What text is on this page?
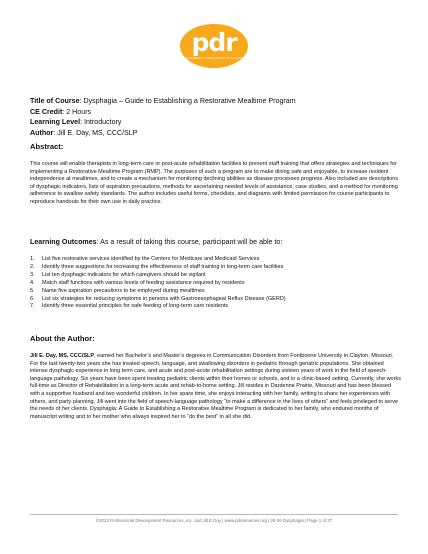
pdr
PROFESSIONAL DEVELOPMENT RESOURCES
Title of Course: Dysphagia – Guide to Establishing a Restorative Mealtime Program
CE Credit: 2 Hours
Learning Level: Introductory
Author: Jill E. Day, MS, CCC/SLP
Abstract:

This course will enable therapists in long-term care or post-acute rehabilitation facilities to present staff training that offers strategies and techniques for implementing a Restorative Mealtime Program (RMP). The purposes of such a program are to make dining safe and enjoyable, to increase resident independence at mealtimes, and to create a mechanism for monitoring declining abilities as disease processes progress. Also included are descriptions of dysphagic indicators, lists of aspiration precautions, methods for ascertaining needed levels of assistance, case studies, and a method for monitoring adherence to swallow safety standards. The author includes useful forms, checklists, and diagrams with limited permission for course participants to reproduce handouts for their own use in daily practice.

Learning Outcomes: As a result of taking this course, participant will be able to:
1.	List five restorative services identified by the Centers for Medicare and Medicaid Services
2.	Identify three suggestions for increasing the effectiveness of staff training in long-term care facilities
3.	List ten dysphagic indicators for which caregivers should be vigilant
4.	Match staff functions with various levels of feeding assistance required by residents
5.	Name five aspiration precautions to be employed during mealtimes
6.	List six strategies for reducing symptoms in persons with Gastroesophageal Reflux Disease (GERD)
7.	Identify three essential principles for safe feeding of long-term care residents
About the Author:

Jill E. Day, MS, CCC/SLP, earned her Bachelor’s and Master’s degrees in Communication Disorders from Fontbonne University in Clayton, Missouri. For the last twenty-two years she has treated speech, language, and swallowing disorders in pediatric through geriatric populations. She obtained intense dysphagic experience in long term care, and acute and post-acute rehabilitation settings during sixteen years of work in the field of speech-language pathology. Six years have been spent treating pediatric clients within their homes or schools, and in a clinic-based setting. Currently, she works full-time as Director of Rehabilitation in a long-term acute and rehab-to-home setting. Jill resides in Dardenne Prairie, Missouri and has been blessed with a supportive husband and two wonderful children. In her spare time, she enjoys interacting with her family, writing to share her experiences with others, and party planning. Jill went into the field of speech-language pathology “to make a difference in the lives of others” and feels privileged to serve the needs of her clients. Dysphagia: A Guide to Establishing a Restorative Mealtime Program is dedicated to her family, who endured months of manuscript writing and to her mother who always inspired her to “do the best” in all she did.

©2013 Professional Development Resources, Inc. and Jill E Day | www.pdresources.org | 20-26 Dysphagia | Page 1 of 37
